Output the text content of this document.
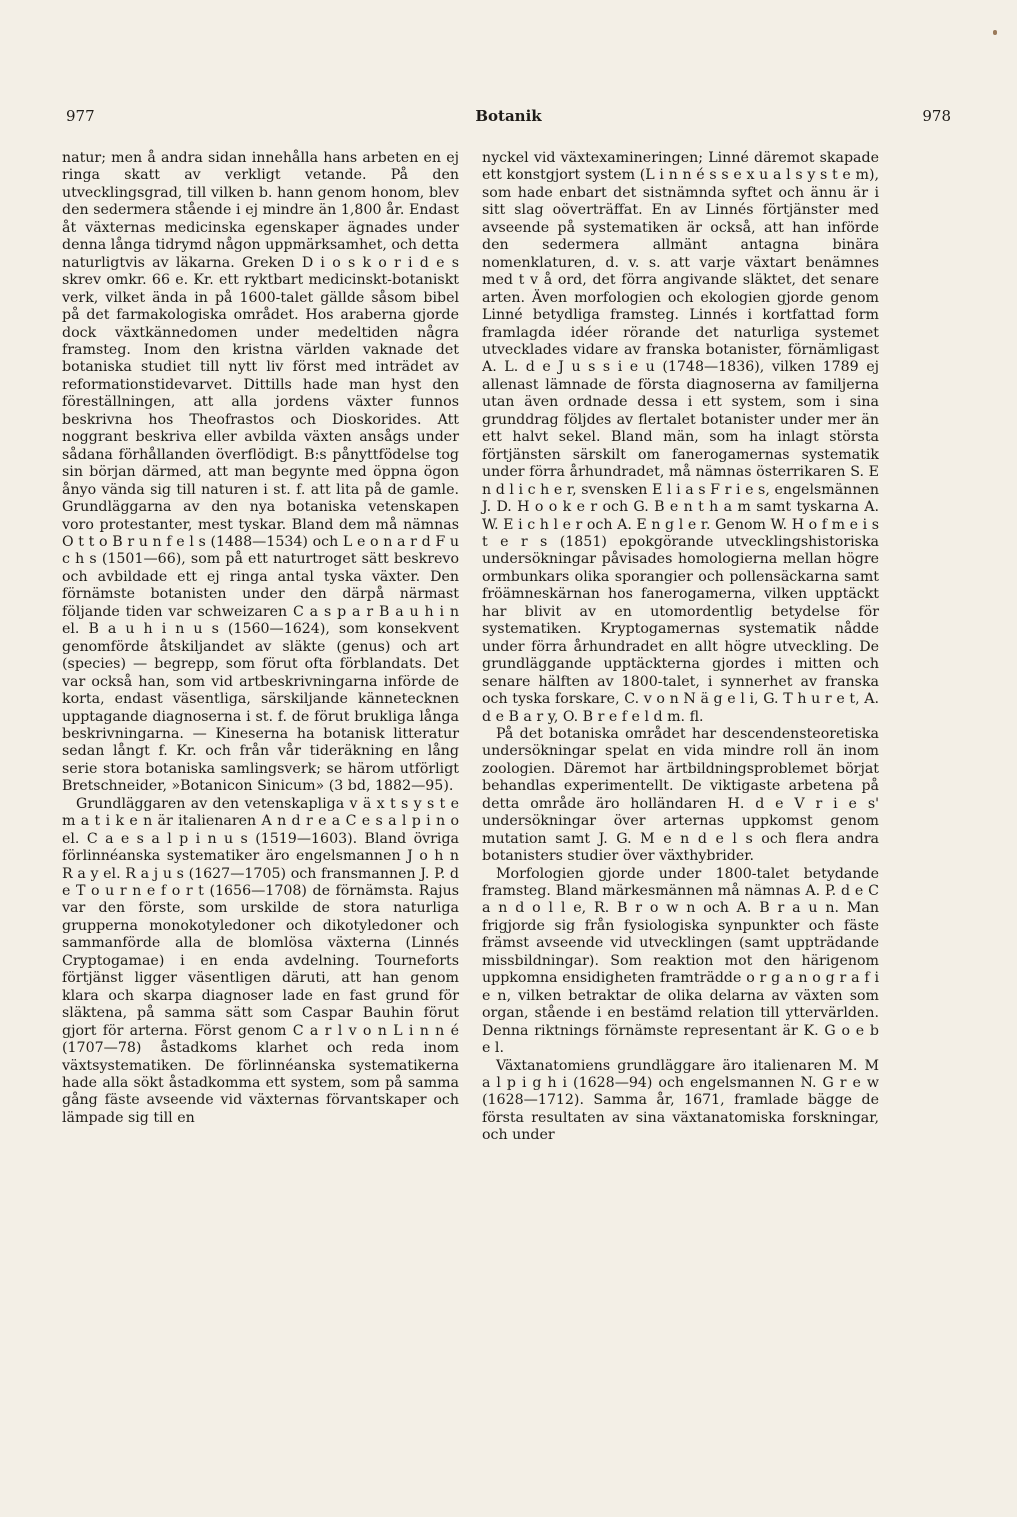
977	Botanik	978

natur; men å andra sidan innehålla hans arbeten en ej ringa skatt av verkligt vetande. På den utvecklingsgrad, till vilken b. hann genom honom, blev den sedermera stående i ej mindre än 1,800 år. Endast åt växternas medicinska egenskaper ägnades under denna långa tidrymd någon uppmärksamhet, och detta naturligtvis av läkarna. Greken D i o s k o r i d e s skrev omkr. 66 e. Kr. ett ryktbart medicinskt-botaniskt verk, vilket ända in på 1600-talet gällde såsom bibel på det farmakologiska området. Hos araberna gjorde dock växtkännedomen under medeltiden några framsteg. Inom den kristna världen vaknade det botaniska studiet till nytt liv först med inträdet av reformationstidevarvet. Dittills hade man hyst den föreställningen, att alla jordens växter funnos beskrivna hos Theofrastos och Dioskorides. Att noggrant beskriva eller avbilda växten ansågs under sådana förhållanden överflödigt. B:s pånyttfödelse tog sin början därmed, att man begynte med öppna ögon ånyo vända sig till naturen i st. f. att lita på de gamle. Grundläggarna av den nya botaniska vetenskapen voro protestanter, mest tyskar. Bland dem må nämnas O t t o B r u n f e l s (1488—1534) och L e o n a r d F u c h s (1501—66), som på ett naturtroget sätt beskrevo och avbildade ett ej ringa antal tyska växter. Den förnämste botanisten under den därpå närmast följande tiden var schweizaren C a s p a r B a u h i n el. B a u h i n u s (1560—1624), som konsekvent genomförde åtskiljandet av släkte (genus) och art (species) — begrepp, som förut ofta förblandats. Det var också han, som vid artbeskrivningarna införde de korta, endast väsentliga, särskiljande kännetecknen upptagande diagnoserna i st. f. de förut brukliga långa beskrivningarna. — Kineserna ha botanisk litteratur sedan långt f. Kr. och från vår tideräkning en lång serie stora botaniska samlingsverk; se härom utförligt Bretschneider, »Botanicon Sinicum» (3 bd, 1882—95).

Grundläggaren av den vetenskapliga v ä x t s y s t e m a t i k e n är italienaren A n d r e a C e s a l p i n o el. C a e s a l p i n u s (1519—1603). Bland övriga förlinnéanska systematiker äro engelsmannen J o h n R a y el. R a j u s (1627—1705) och fransmannen J. P. d e T o u r n e f o r t (1656—1708) de förnämsta. Rajus var den förste, som urskilde de stora naturliga grupperna monokotyledoner och dikotyledoner och sammanförde alla de blomlösa växterna (Linnés Cryptogamae) i en enda avdelning. Tourneforts förtjänst ligger väsentligen däruti, att han genom klara och skarpa diagnoser lade en fast grund för släktena, på samma sätt som Caspar Bauhin förut gjort för arterna. Först genom C a r l v o n L i n n é (1707—78) åstadkoms klarhet och reda inom växtsystematiken. De förlinnéanska systematikerna hade alla sökt åstadkomma ett system, som på samma gång fäste avseende vid växternas förvantskaper och lämpade sig till en

nyckel vid växtexamineringen; Linné däremot skapade ett konstgjort system (L i n n é s s e x u a l s y s t e m), som hade enbart det sistnämnda syftet och ännu är i sitt slag oöverträffat. En av Linnés förtjänster med avseende på systematiken är också, att han införde den sedermera allmänt antagna binära nomenklaturen, d. v. s. att varje växtart benämnes med t v å ord, det förra angivande släktet, det senare arten. Även morfologien och ekologien gjorde genom Linné betydliga framsteg. Linnés i kortfattad form framlagda idéer rörande det naturliga systemet utvecklades vidare av franska botanister, förnämligast A. L. d e J u s s i e u (1748—1836), vilken 1789 ej allenast lämnade de första diagnoserna av familjerna utan även ordnade dessa i ett system, som i sina grunddrag följdes av flertalet botanister under mer än ett halvt sekel. Bland män, som ha inlagt största förtjänsten särskilt om fanerogamernas systematik under förra århundradet, må nämnas österrikaren S. E n d l i c h e r, svensken E l i a s F r i e s, engelsmännen J. D. H o o k e r och G. B e n t h a m samt tyskarna A. W. E i c h l e r och A. E n g l e r. Genom W. H o f m e i s t e r s (1851) epokgörande utvecklingshistoriska undersökningar påvisades homologierna mellan högre ormbunkars olika sporangier och pollensäckarna samt fröämneskärnan hos fanerogamerna, vilken upptäckt har blivit av en utomordentlig betydelse för systematiken. Kryptogamernas systematik nådde under förra århundradet en allt högre utveckling. De grundläggande upptäckterna gjordes i mitten och senare hälften av 1800-talet, i synnerhet av franska och tyska forskare, C. v o n N ä g e l i, G. T h u r e t, A. d e B a r y, O. B r e f e l d m. fl.

På det botaniska området har descendensteoretiska undersökningar spelat en vida mindre roll än inom zoologien. Däremot har ärtbildningsproblemet börjat behandlas experimentellt. De viktigaste arbetena på detta område äro holländaren H. d e V r i e s' undersökningar över arternas uppkomst genom mutation samt J. G. M e n d e l s och flera andra botanisters studier över växthybrider.

Morfologien gjorde under 1800-talet betydande framsteg. Bland märkesmännen må nämnas A. P. d e C a n d o l l e, R. B r o w n och A. B r a u n. Man frigjorde sig från fysiologiska synpunkter och fäste främst avseende vid utvecklingen (samt uppträdande missbildningar). Som reaktion mot den härigenom uppkomna ensidigheten framträdde o r g a n o g r a f i e n, vilken betraktar de olika delarna av växten som organ, stående i en bestämd relation till yttervärlden. Denna riktnings förnämste representant är K. G o e b e l.

Växtanatomiens grundläggare äro italienaren M. M a l p i g h i (1628—94) och engelsmannen N. G r e w (1628—1712). Samma år, 1671, framlade bägge de första resultaten av sina växtanatomiska forskningar, och under
